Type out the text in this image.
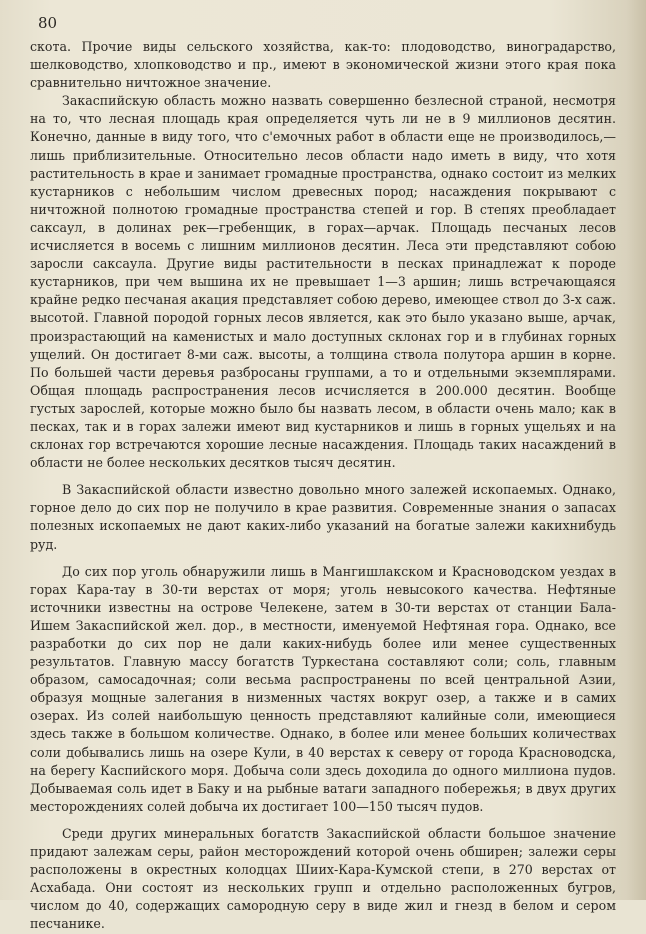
80

скота. Прочие виды сельского хозяйства, как-то: плодоводство, виноградарство, шелководство, хлопководство и пр., имеют в экономической жизни этого края пока сравнительно ничтожное значение.

Закаспийскую область можно назвать совершенно безлесной страной, несмотря на то, что лесная площадь края определяется чуть ли не в 9 миллионов десятин. Конечно, данные в виду того, что с'емочных работ в области еще не производилось,— лишь приблизительные. Относительно лесов области надо иметь в виду, что хотя растительность в крае и занимает громадные пространства, однако состоит из мелких кустарников с небольшим числом древесных пород; насаждения покрывают с ничтожной полнотою громадные пространства степей и гор. В степях преобладает саксаул, в долинах рек—гребенщик, в горах—арчак. Площадь песчаных лесов исчисляется в восемь с лишним миллионов десятин. Леса эти представляют собою заросли саксаула. Другие виды растительности в песках принадлежат к породе кустарников, при чем вышина их не превышает 1—3 аршин; лишь встречающаяся крайне редко песчаная акация представляет собою дерево, имеющее ствол до 3-х саж. высотой. Главной породой горных лесов является, как это было указано выше, арчак, произрастающий на каменистых и мало доступных склонах гор и в глубинах горных ущелий. Он достигает 8-ми саж. высоты, а толщина ствола полутора аршин в корне. По большей части деревья разбросаны группами, а то и отдельными экземплярами. Общая площадь распространения лесов исчисляется в 200.000 десятин. Вообще густых зарослей, которые можно было бы назвать лесом, в области очень мало; как в песках, так и в горах залежи имеют вид кустарников и лишь в горных ущельях и на склонах гор встречаются хорошие лесные насаждения. Площадь таких насаждений в области не более нескольких десятков тысяч десятин.

В Закаспийской области известно довольно много залежей ископаемых. Однако, горное дело до сих пор не получило в крае развития. Современные знания о запасах полезных ископаемых не дают каких-либо указаний на богатые залежи какихнибудь руд.

До сих пор уголь обнаружили лишь в Мангишлакском и Красноводском уездах в горах Кара-тау в 30-ти верстах от моря; уголь невысокого качества. Нефтяные источники известны на острове Челекене, затем в 30-ти верстах от станции Бала-Ишем Закаспийской жел. дор., в местности, именуемой Нефтяная гора. Однако, все разработки до сих пор не дали каких-нибудь более или менее существенных результатов. Главную массу богатств Туркестана составляют соли; соль, главным образом, самосадочная; соли весьма распространены по всей центральной Азии, образуя мощные залегания в низменных частях вокруг озер, а также и в самих озерах. Из солей наибольшую ценность представляют калийные соли, имеющиеся здесь также в большом количестве. Однако, в более или менее больших количествах соли добывались лишь на озере Кули, в 40 верстах к северу от города Красноводска, на берегу Каспийского моря. Добыча соли здесь доходила до одного миллиона пудов. Добываемая соль идет в Баку и на рыбные ватаги западного побережья; в двух других месторождениях солей добыча их достигает 100—150 тысяч пудов.

Среди других минеральных богатств Закаспийской области большое значение придают залежам серы, район месторождений которой очень обширен; залежи серы расположены в окрестных колодцах Шиих-Кара-Кумской степи, в 270 верстах от Асхабада. Они состоят из нескольких групп и отдельно расположенных бугров, числом до 40, содержащих самородную серу в виде жил и гнезд в белом и сером песчанике.
